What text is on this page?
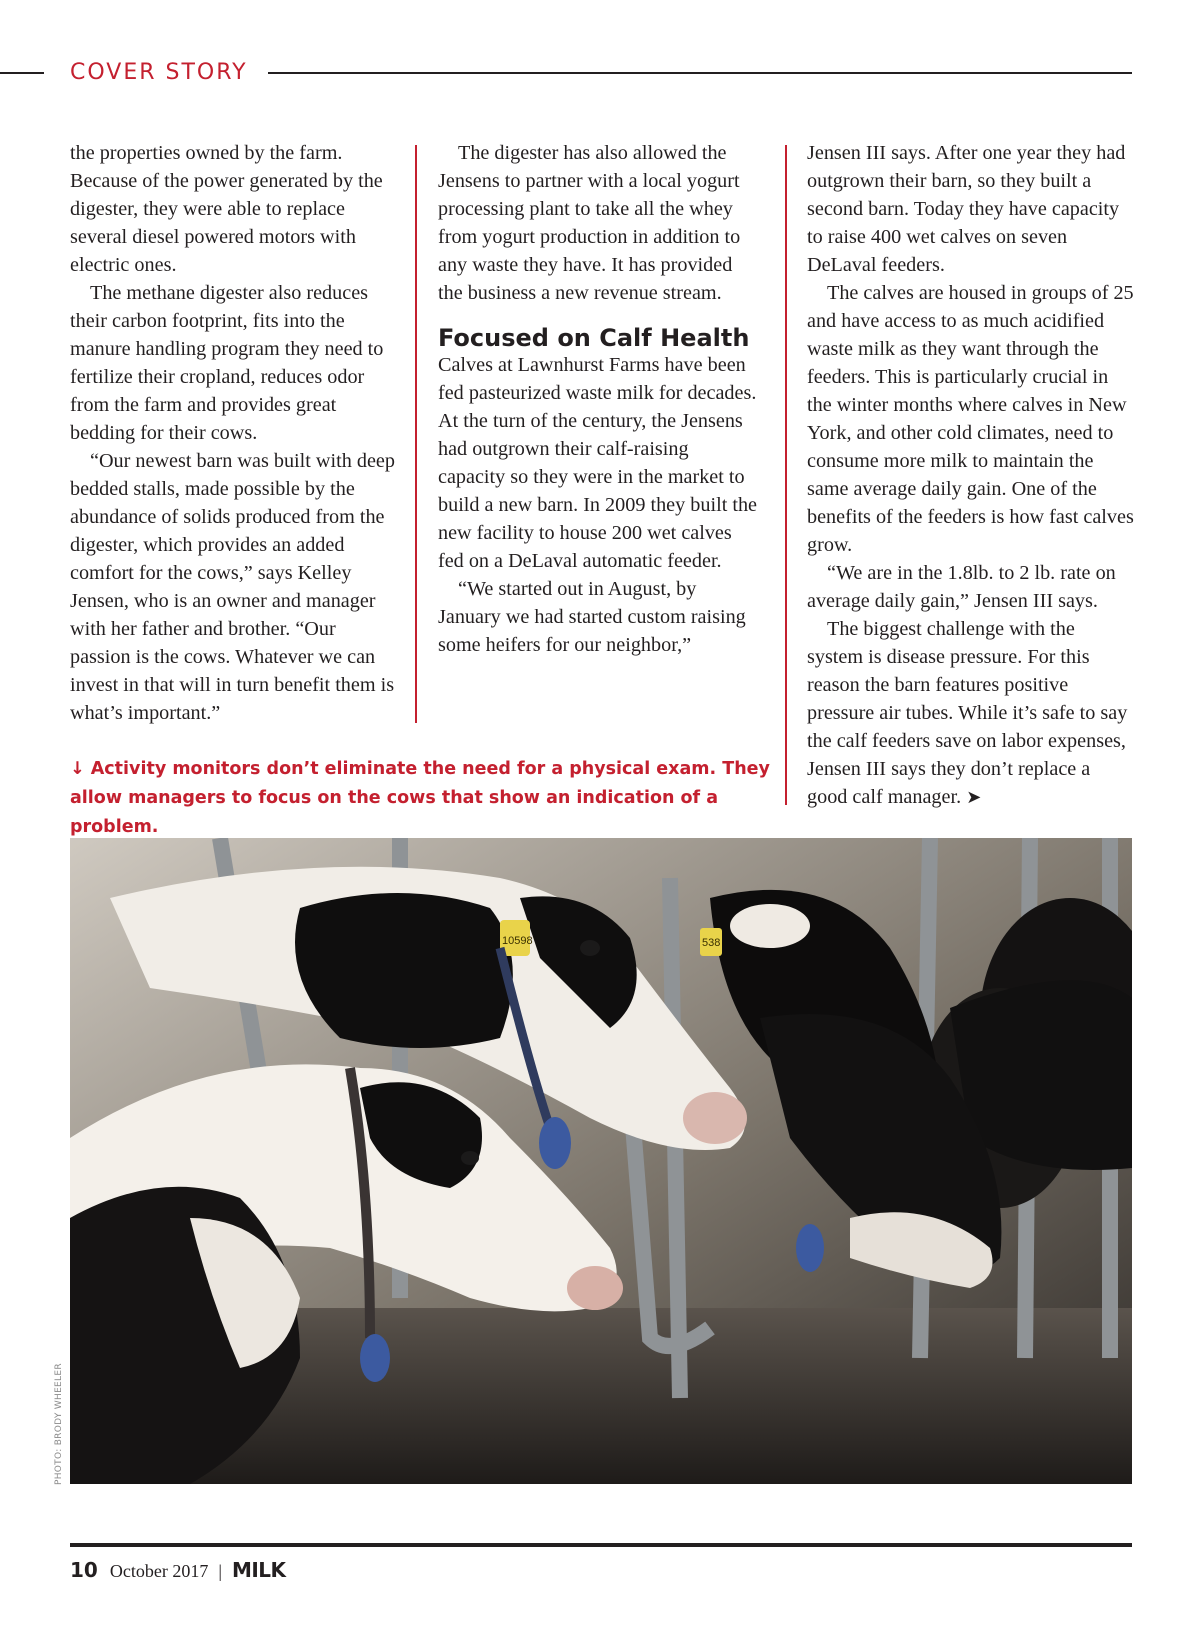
COVER STORY

the properties owned by the farm. Because of the power generated by the digester, they were able to replace several diesel powered motors with electric ones.

The methane digester also reduces their carbon footprint, fits into the manure handling program they need to fertilize their cropland, reduces odor from the farm and provides great bedding for their cows.

“Our newest barn was built with deep bedded stalls, made possible by the abundance of solids produced from the digester, which provides an added comfort for the cows,” says Kelley Jensen, who is an owner and manager with her father and brother. “Our passion is the cows. Whatever we can invest in that will in turn benefit them is what’s important.”

The digester has also allowed the Jensens to partner with a local yogurt processing plant to take all the whey from yogurt production in addition to any waste they have. It has provided the business a new revenue stream.

Focused on Calf Health

Calves at Lawnhurst Farms have been fed pasteurized waste milk for decades. At the turn of the century, the Jensens had outgrown their calf-raising capacity so they were in the market to build a new barn. In 2009 they built the new facility to house 200 wet calves fed on a DeLaval automatic feeder.

“We started out in August, by January we had started custom raising some heifers for our neighbor,”

Jensen III says. After one year they had outgrown their barn, so they built a second barn. Today they have capacity to raise 400 wet calves on seven DeLaval feeders.

The calves are housed in groups of 25 and have access to as much acidified waste milk as they want through the feeders. This is particularly crucial in the winter months where calves in New York, and other cold climates, need to consume more milk to maintain the same average daily gain. One of the benefits of the feeders is how fast calves grow.

“We are in the 1.8lb. to 2 lb. rate on average daily gain,” Jensen III says.

The biggest challenge with the system is disease pressure. For this reason the barn features positive pressure air tubes. While it’s safe to say the calf feeders save on labor expenses, Jensen III says they don’t replace a good calf manager. ➤

↓ Activity monitors don’t eliminate the need for a physical exam. They allow managers to focus on the cows that show an indication of a problem.
10598	538
PHOTO: BRODY WHEELER
10 October 2017 | MILK
